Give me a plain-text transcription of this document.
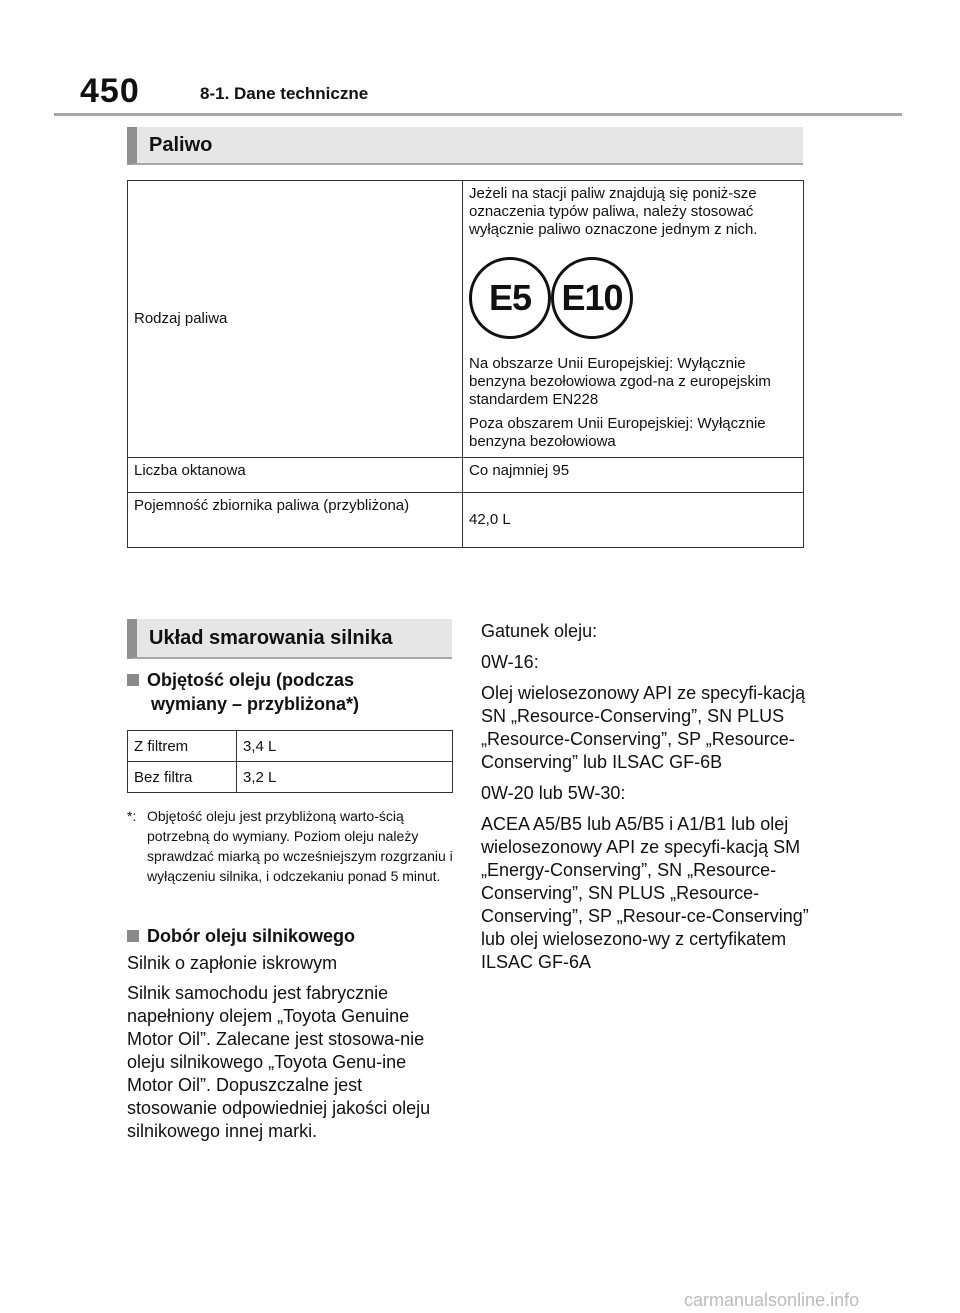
450	8-1. Dane techniczne
Paliwo
Rodzaj paliwa	Jeżeli na stacji paliw znajdują się poniż-sze oznaczenia typów paliwa, należy stosować wyłącznie paliwo oznaczone jednym z nich.

E5 E10

Na obszarze Unii Europejskiej: Wyłącznie benzyna bezołowiowa zgod-na z europejskim standardem EN228

Poza obszarem Unii Europejskiej: Wyłącznie benzyna bezołowiowa

Liczba oktanowa	Co najmniej 95
Pojemność zbiornika paliwa (przybliżona)	42,0 L
Układ smarowania silnika
Objętość oleju (podczas
wymiany – przybliżona*)
Z filtrem	3,4 L
Bez filtra	3,2 L
*: Objętość oleju jest przybliżoną warto-ścią potrzebną do wymiany. Poziom oleju należy sprawdzać miarką po wcześniejszym rozgrzaniu i wyłączeniu silnika, i odczekaniu ponad 5 minut.
Dobór oleju silnikowego
Silnik o zapłonie iskrowym
Silnik samochodu jest fabrycznie napełniony olejem „Toyota Genuine Motor Oil”. Zalecane jest stosowa-nie oleju silnikowego „Toyota Genu-ine Motor Oil”. Dopuszczalne jest stosowanie odpowiedniej jakości oleju silnikowego innej marki.

Gatunek oleju:

0W-16:

Olej wielosezonowy API ze specyfi-kacją SN „Resource-Conserving”, SN PLUS „Resource-Conserving”, SP „Resource-Conserving” lub ILSAC GF-6B

0W-20 lub 5W-30:

ACEA A5/B5 lub A5/B5 i A1/B1 lub olej wielosezonowy API ze specyfi-kacją SM „Energy-Conserving”, SN „Resource-Conserving”, SN PLUS „Resource-Conserving”, SP „Resour-ce-Conserving” lub olej wielosezono-wy z certyfikatem ILSAC GF-6A

carmanualsonline.info
